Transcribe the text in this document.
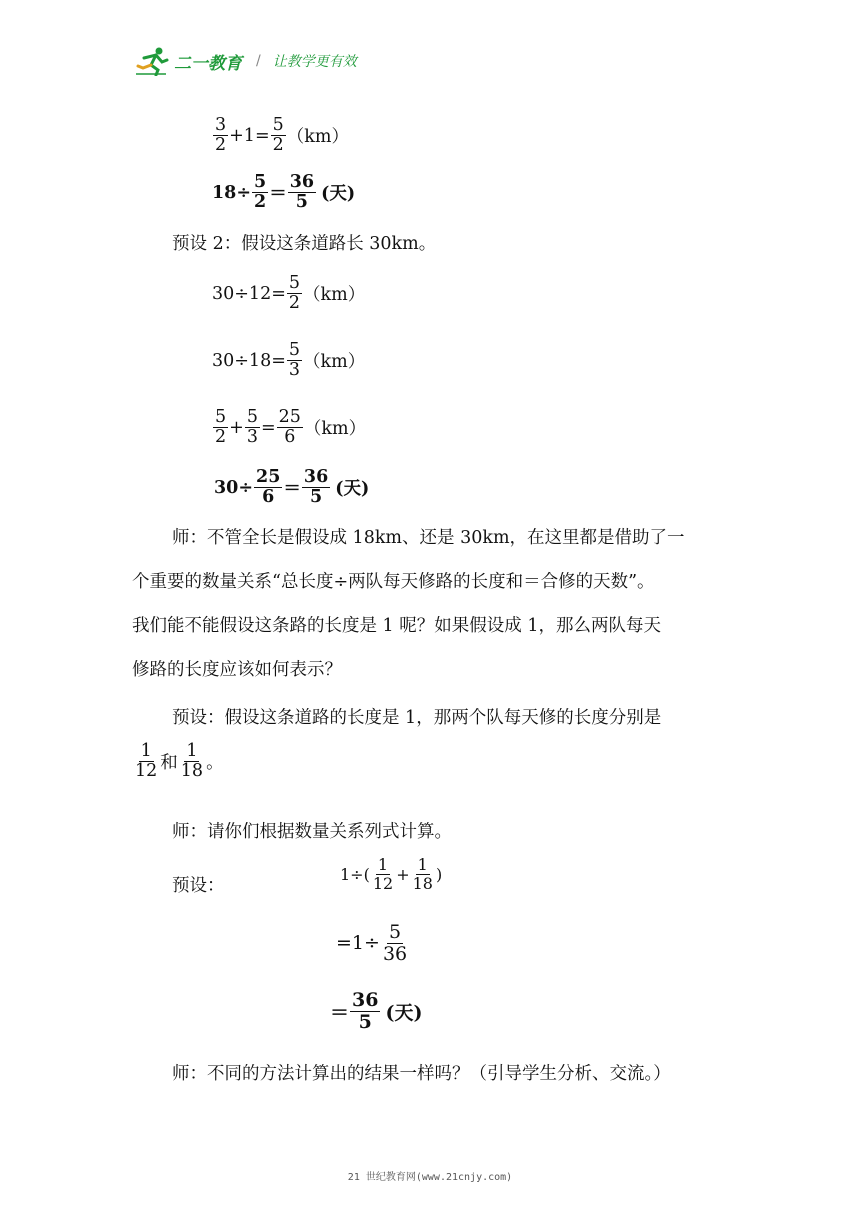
二一教育 / 让教学更有效
$\frac{3}{2} +1= \frac{5}{2} (km)$
$18\div \frac{5}{2} = \frac{36}{5}$ (天)
预设 2：假设这条道路长 30km。
$30\div 12= \frac{5}{2} (km)$
$30\div 18= \frac{5}{3} (km)$
$\frac{5}{2} + \frac{5}{3} = \frac{25}{6} (km)$
$30\div \frac{25}{6} = \frac{36}{5}$ (天)
师：不管全长是假设成 18km、还是 30km，在这里都是借助了一
个重要的数量关系“总长度÷两队每天修路的长度和＝合修的天数”。
我们能不能假设这条路的长度是 1 呢？如果假设成 1，那么两队每天
修路的长度应该如何表示？
预设：假设这条道路的长度是 1，那两个队每天修的长度分别是
$\frac{1}{12}$ 和 $\frac{1}{18}$ 。
师：请你们根据数量关系列式计算。
预设：
$1\div( \frac{1}{12} + \frac{1}{18}$ )
$=1\div \frac{5}{36}$
＝ $\frac{36}{5}$ (天)
师：不同的方法计算出的结果一样吗？（引导学生分析、交流。）
21 世纪教育网(www.21cnjy.com)
